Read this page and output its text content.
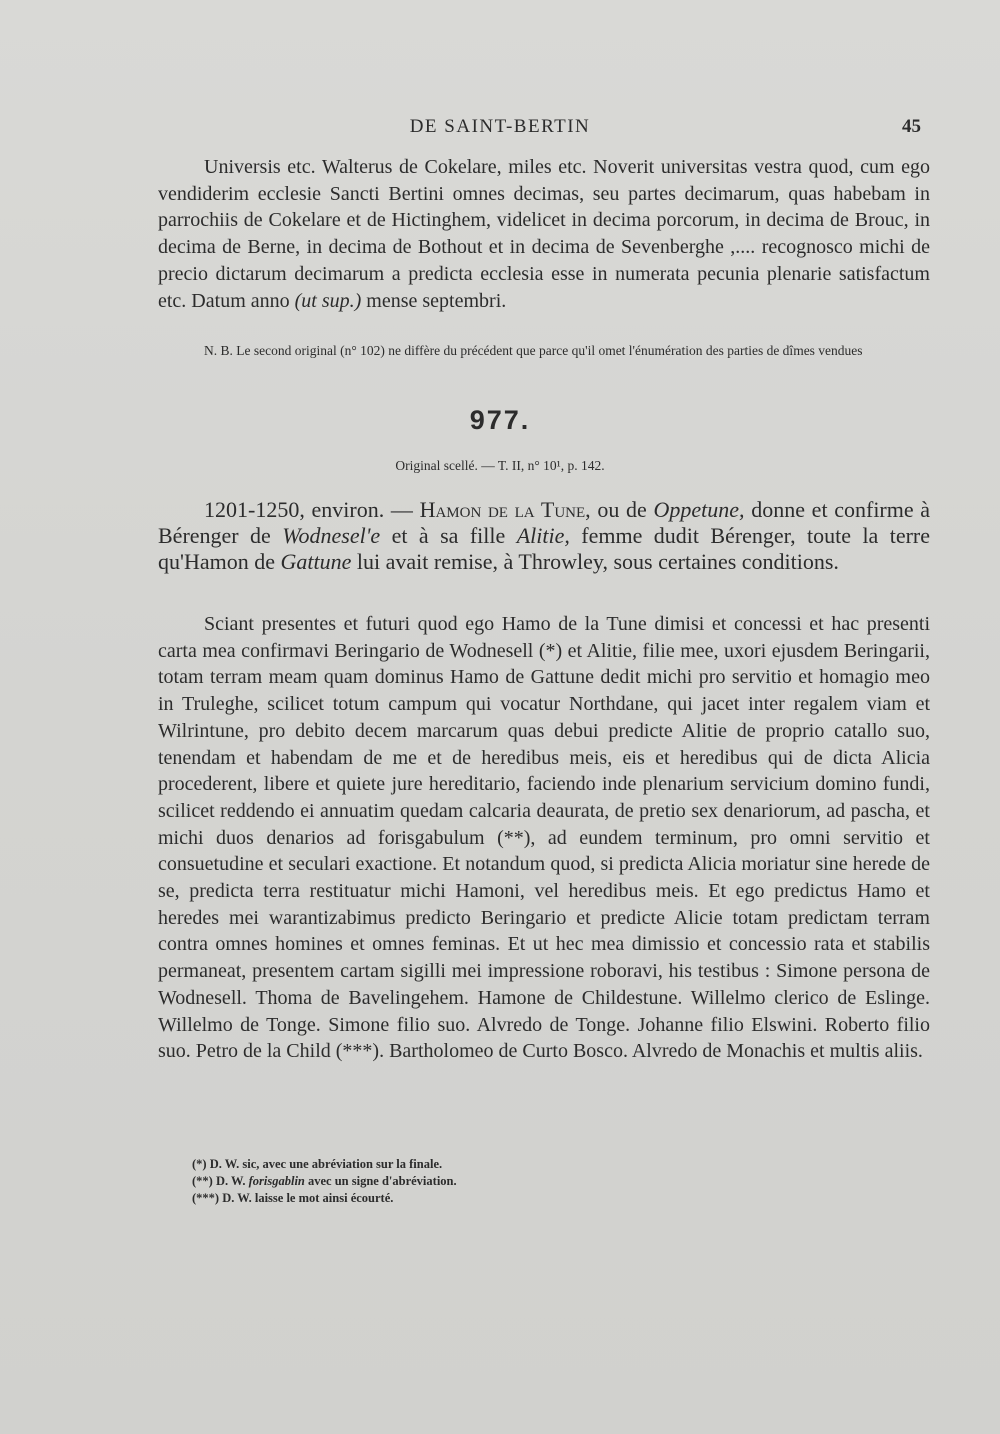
DE SAINT-BERTIN	45

Universis etc. Walterus de Cokelare, miles etc. Noverit universitas vestra quod, cum ego vendiderim ecclesie Sancti Bertini omnes decimas, seu partes decimarum, quas habebam in parrochiis de Cokelare et de Hictinghem, videlicet in decima porcorum, in decima de Brouc, in decima de Berne, in decima de Bothout et in decima de Sevenberghe ,.... recognosco michi de precio dictarum decimarum a predicta ecclesia esse in numerata pecunia plenarie satisfactum etc. Datum anno (ut sup.) mense septembri.

N. B. Le second original (n° 102) ne diffère du précédent que parce qu'il omet l'énumération des parties de dîmes vendues

977.
Original scellé. — T. II, n° 10¹, p. 142.

1201-1250, environ. — Hamon de la Tune, ou de Oppetune, donne et confirme à Bérenger de Wodnesel'e et à sa fille Alitie, femme dudit Bérenger, toute la terre qu'Hamon de Gattune lui avait remise, à Throwley, sous certaines conditions.

Sciant presentes et futuri quod ego Hamo de la Tune dimisi et concessi et hac presenti carta mea confirmavi Beringario de Wodnesell (*) et Alitie, filie mee, uxori ejusdem Beringarii, totam terram meam quam dominus Hamo de Gattune dedit michi pro servitio et homagio meo in Truleghe, scilicet totum campum qui vocatur Northdane, qui jacet inter regalem viam et Wilrintune, pro debito decem marcarum quas debui predicte Alitie de proprio catallo suo, tenendam et habendam de me et de heredibus meis, eis et heredibus qui de dicta Alicia procederent, libere et quiete jure hereditario, faciendo inde plenarium servicium domino fundi, scilicet reddendo ei annuatim quedam calcaria deaurata, de pretio sex denariorum, ad pascha, et michi duos denarios ad forisgabulum (**), ad eundem terminum, pro omni servitio et consuetudine et seculari exactione. Et notandum quod, si predicta Alicia moriatur sine herede de se, predicta terra restituatur michi Hamoni, vel heredibus meis. Et ego predictus Hamo et heredes mei warantizabimus predicto Beringario et predicte Alicie totam predictam terram contra omnes homines et omnes feminas. Et ut hec mea dimissio et concessio rata et stabilis permaneat, presentem cartam sigilli mei impressione roboravi, his testibus : Simone persona de Wodnesell. Thoma de Bavelingehem. Hamone de Childestune. Willelmo clerico de Eslinge. Willelmo de Tonge. Simone filio suo. Alvredo de Tonge. Johanne filio Elswini. Roberto filio suo. Petro de la Child (***). Bartholomeo de Curto Bosco. Alvredo de Monachis et multis aliis.

(*) D. W. sic, avec une abréviation sur la finale.
(**) D. W. forisgablin avec un signe d'abréviation.
(***) D. W. laisse le mot ainsi écourté.
